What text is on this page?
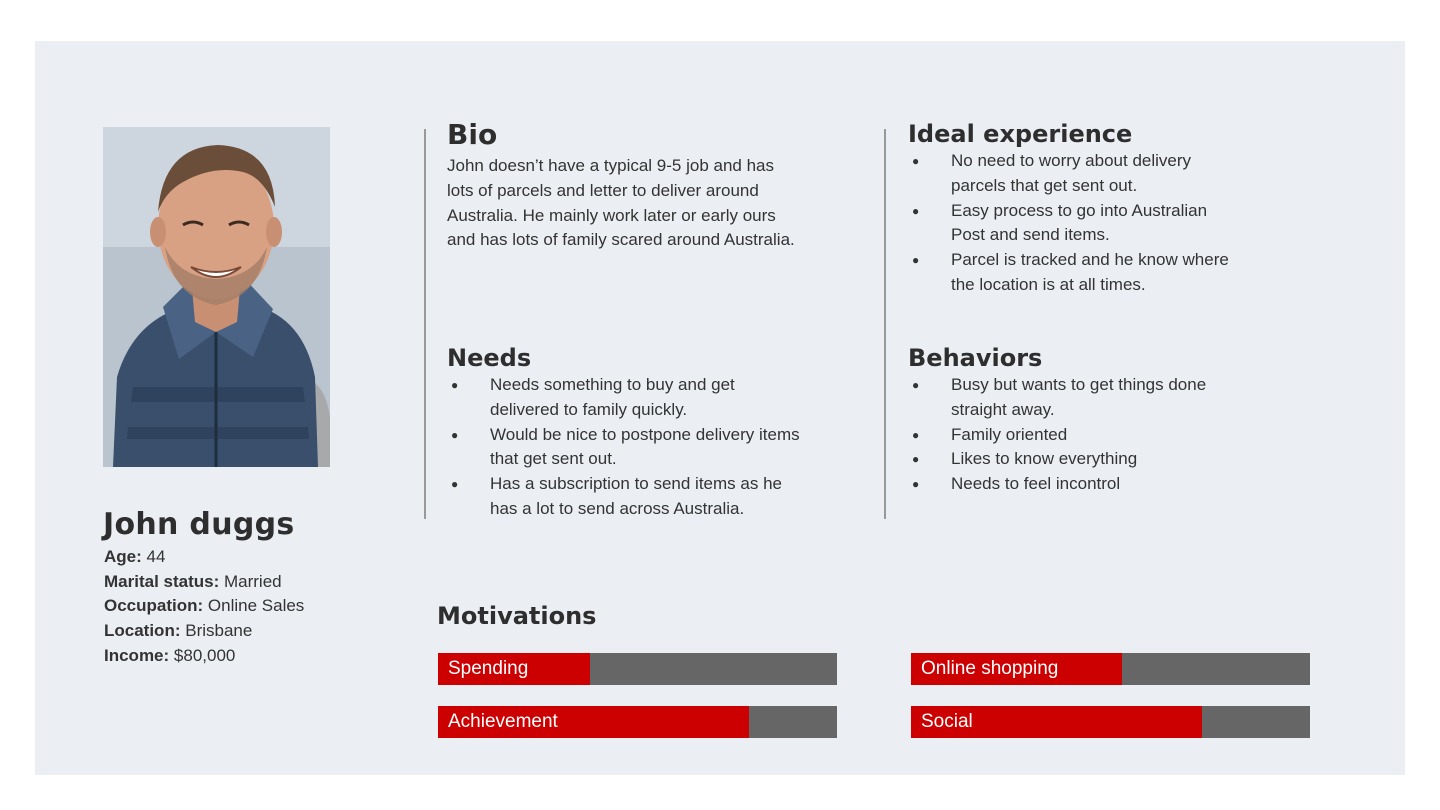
John duggs
Age: 44
Marital status: Married
Occupation: Online Sales
Location: Brisbane
Income: $80,000
Bio
John doesn’t have a typical 9-5 job and has lots of parcels and letter to deliver around Australia. He mainly work later or early ours and has lots of family scared around Australia.
Needs
● Needs something to buy and get delivered to family quickly.
● Would be nice to postpone delivery items that get sent out.
● Has a subscription to send items as he has a lot to send across Australia.
Ideal experience
● No need to worry about delivery parcels that get sent out.
● Easy process to go into Australian Post and send items.
● Parcel is tracked and he know where the location is at all times.
Behaviors
● Busy but wants to get things done straight away.
● Family oriented
● Likes to know everything
● Needs to feel incontrol
Motivations
Spending	Online shopping
Achievement	Social
